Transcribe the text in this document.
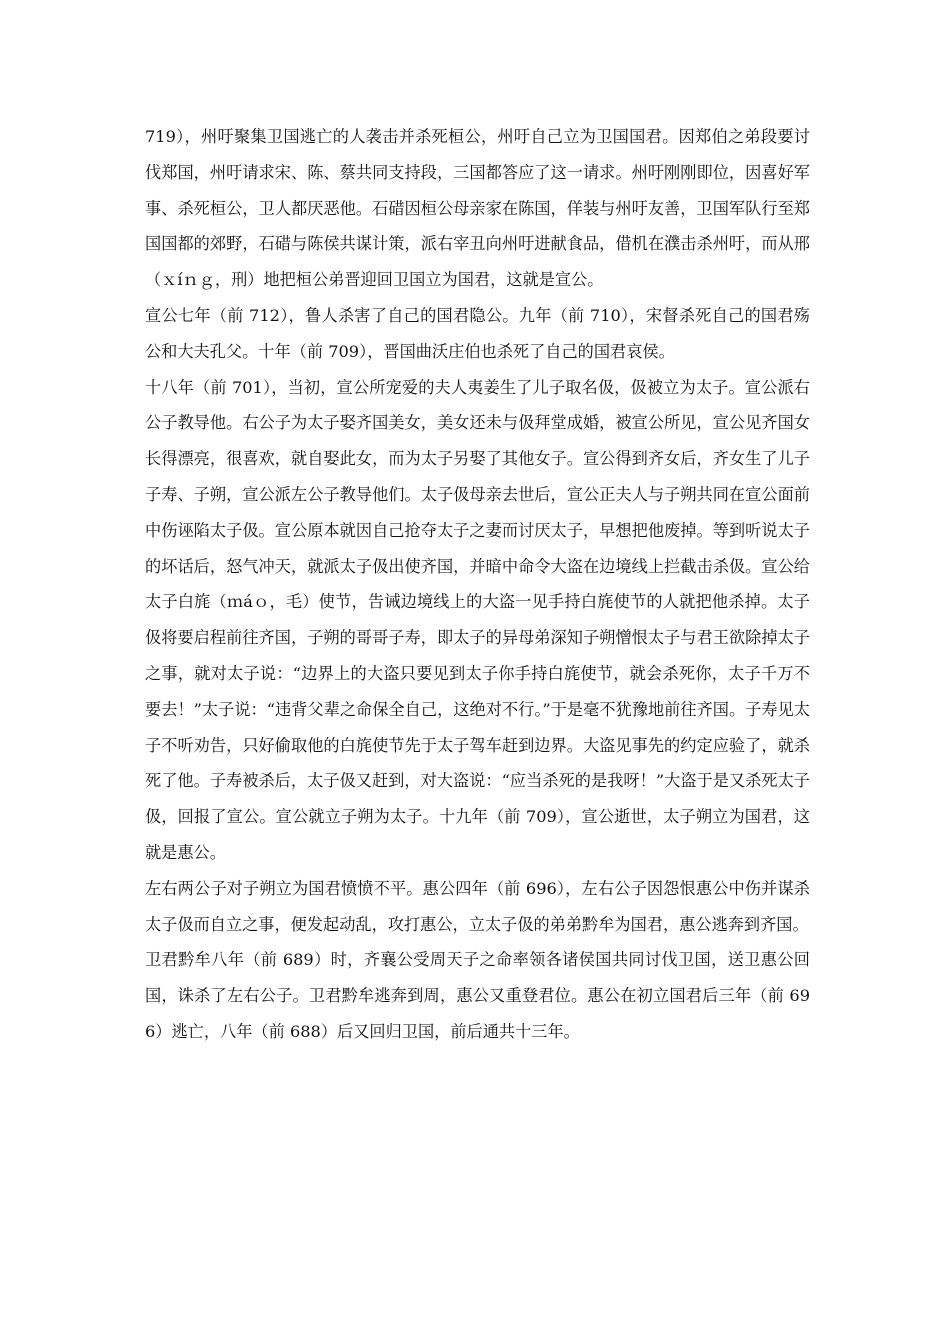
719），州吁聚集卫国逃亡的人袭击并杀死桓公，州吁自己立为卫国国君。因郑伯之弟段要讨伐郑国，州吁请求宋、陈、蔡共同支持段，三国都答应了这一请求。州吁刚刚即位，因喜好军事、杀死桓公，卫人都厌恶他。石碏因桓公母亲家在陈国，佯装与州吁友善，卫国军队行至郑国国都的郊野，石碏与陈侯共谋计策，派右宰丑向州吁进献食品，借机在濮击杀州吁，而从邢（ｘíｎｇ，刑）地把桓公弟晋迎回卫国立为国君，这就是宣公。

宣公七年（前 712），鲁人杀害了自己的国君隐公。九年（前 710），宋督杀死自己的国君殇公和大夫孔父。十年（前 709），晋国曲沃庄伯也杀死了自己的国君哀侯。

十八年（前 701），当初，宣公所宠爱的夫人夷姜生了儿子取名伋，伋被立为太子。宣公派右公子教导他。右公子为太子娶齐国美女，美女还未与伋拜堂成婚，被宣公所见，宣公见齐国女长得漂亮，很喜欢，就自娶此女，而为太子另娶了其他女子。宣公得到齐女后，齐女生了儿子子寿、子朔，宣公派左公子教导他们。太子伋母亲去世后，宣公正夫人与子朔共同在宣公面前中伤诬陷太子伋。宣公原本就因自己抢夺太子之妻而讨厌太子，早想把他废掉。等到听说太子的坏话后，怒气冲天，就派太子伋出使齐国，并暗中命令大盗在边境线上拦截击杀伋。宣公给太子白旄（ｍáｏ，毛）使节，告诫边境线上的大盗一见手持白旄使节的人就把他杀掉。太子伋将要启程前往齐国，子朔的哥哥子寿，即太子的异母弟深知子朔憎恨太子与君王欲除掉太子之事，就对太子说：“边界上的大盗只要见到太子你手持白旄使节，就会杀死你，太子千万不要去！”太子说：“违背父辈之命保全自己，这绝对不行。”于是毫不犹豫地前往齐国。子寿见太子不听劝告，只好偷取他的白旄使节先于太子驾车赶到边界。大盗见事先的约定应验了，就杀死了他。子寿被杀后，太子伋又赶到，对大盗说：“应当杀死的是我呀！”大盗于是又杀死太子伋，回报了宣公。宣公就立子朔为太子。十九年（前 709），宣公逝世，太子朔立为国君，这就是惠公。

左右两公子对子朔立为国君愤愤不平。惠公四年（前 696），左右公子因怨恨惠公中伤并谋杀太子伋而自立之事，便发起动乱，攻打惠公，立太子伋的弟弟黔牟为国君，惠公逃奔到齐国。

卫君黔牟八年（前 689）时，齐襄公受周天子之命率领各诸侯国共同讨伐卫国，送卫惠公回国，诛杀了左右公子。卫君黔牟逃奔到周，惠公又重登君位。惠公在初立国君后三年（前 696）逃亡，八年（前 688）后又回归卫国，前后通共十三年。
